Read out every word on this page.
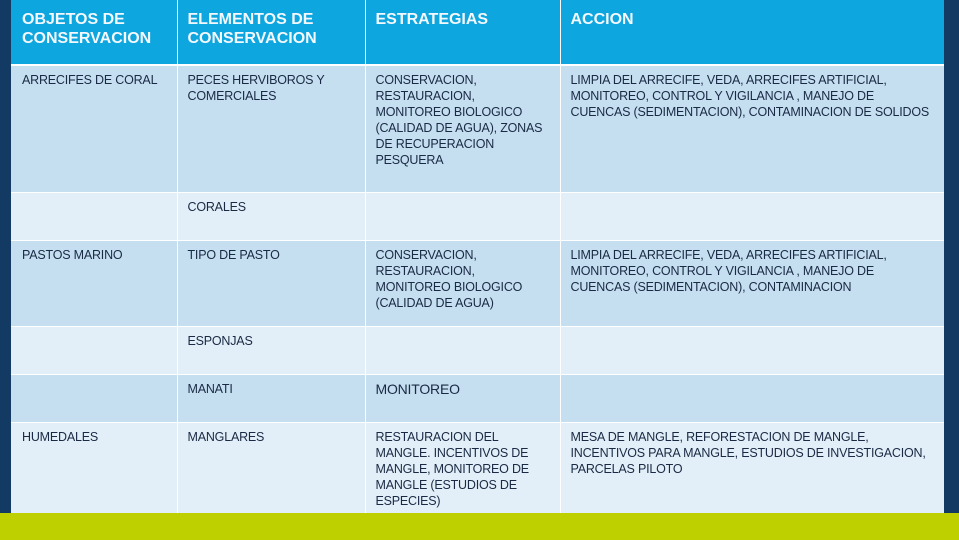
OBJETOS DE CONSERVACION	ELEMENTOS DE CONSERVACION	ESTRATEGIAS	ACCION
ARRECIFES DE CORAL	PECES HERVIBOROS Y COMERCIALES	CONSERVACION, RESTAURACION, MONITOREO BIOLOGICO (CALIDAD DE AGUA), ZONAS DE RECUPERACION PESQUERA	LIMPIA DEL ARRECIFE, VEDA, ARRECIFES ARTIFICIAL, MONITOREO, CONTROL Y VIGILANCIA , MANEJO DE CUENCAS (SEDIMENTACION), CONTAMINACION DE SOLIDOS
	CORALES		
PASTOS MARINO	TIPO DE PASTO	CONSERVACION, RESTAURACION, MONITOREO BIOLOGICO (CALIDAD DE AGUA)	LIMPIA DEL ARRECIFE, VEDA, ARRECIFES ARTIFICIAL, MONITOREO, CONTROL Y VIGILANCIA , MANEJO DE CUENCAS (SEDIMENTACION), CONTAMINACION
	ESPONJAS		
	MANATI	MONITOREO	
HUMEDALES	MANGLARES	RESTAURACION DEL MANGLE. INCENTIVOS DE MANGLE, MONITOREO DE MANGLE (ESTUDIOS DE ESPECIES)	MESA DE MANGLE, REFORESTACION DE MANGLE, INCENTIVOS PARA MANGLE, ESTUDIOS DE INVESTIGACION, PARCELAS PILOTO
